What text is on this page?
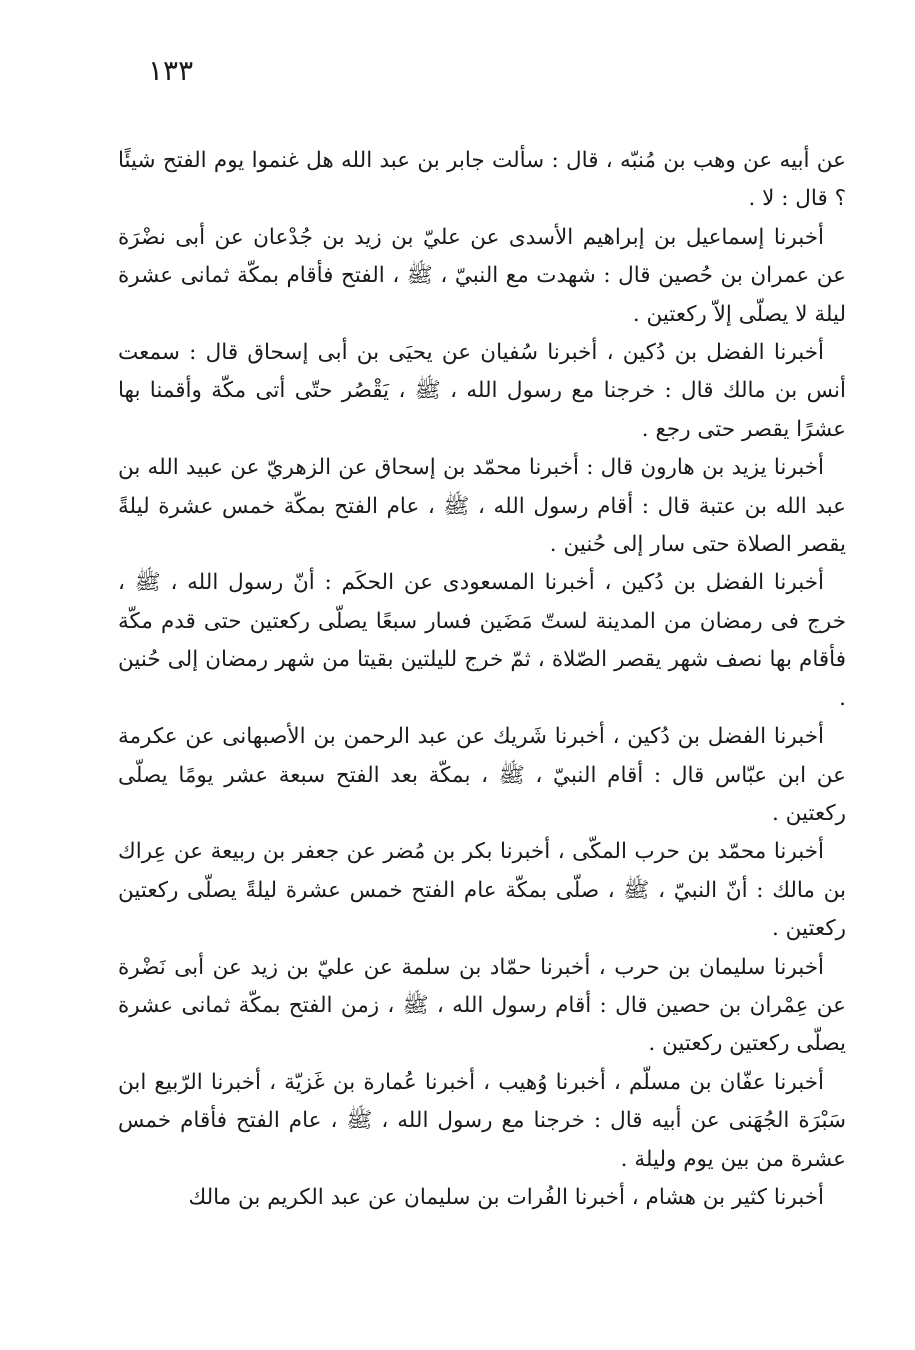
١٣٣

عن أبيه عن وهب بن مُنبّه ، قال : سألت جابر بن عبد الله هل غنموا يوم الفتح شيئًا ؟ قال : لا .

أخبرنا إسماعيل بن إبراهيم الأسدى عن عليّ بن زيد بن جُدْعان عن أبى نضْرَة عن عمران بن حُصين قال : شهدت مع النبيّ ، ﷺ ، الفتح فأقام بمكّة ثمانى عشرة ليلة لا يصلّى إلاّ ركعتين .

أخبرنا الفضل بن دُكين ، أخبرنا سُفيان عن يحيَى بن أبى إسحاق قال : سمعت أنس بن مالك قال : خرجنا مع رسول الله ، ﷺ ، يَقْصُر حتّى أتى مكّة وأقمنا بها عشرًا يقصر حتى رجع .

أخبرنا يزيد بن هارون قال : أخبرنا محمّد بن إسحاق عن الزهريّ عن عبيد الله بن عبد الله بن عتبة قال : أقام رسول الله ، ﷺ ، عام الفتح بمكّة خمس عشرة ليلةً يقصر الصلاة حتى سار إلى حُنين .

أخبرنا الفضل بن دُكين ، أخبرنا المسعودى عن الحكَم : أنّ رسول الله ، ﷺ ، خرج فى رمضان من المدينة لستّ مَضَين فسار سبعًا يصلّى ركعتين حتى قدم مكّة فأقام بها نصف شهر يقصر الصّلاة ، ثمّ خرج لليلتين بقيتا من شهر رمضان إلى حُنين .

أخبرنا الفضل بن دُكين ، أخبرنا شَريك عن عبد الرحمن بن الأصبهانى عن عكرمة عن ابن عبّاس قال : أقام النبيّ ، ﷺ ، بمكّة بعد الفتح سبعة عشر يومًا يصلّى ركعتين .

أخبرنا محمّد بن حرب المكّى ، أخبرنا بكر بن مُضر عن جعفر بن ربيعة عن عِراك بن مالك : أنّ النبيّ ، ﷺ ، صلّى بمكّة عام الفتح خمس عشرة ليلةً يصلّى ركعتين ركعتين .

أخبرنا سليمان بن حرب ، أخبرنا حمّاد بن سلمة عن عليّ بن زيد عن أبى نَضْرة عن عِمْران بن حصين قال : أقام رسول الله ، ﷺ ، زمن الفتح بمكّة ثمانى عشرة يصلّى ركعتين ركعتين .

أخبرنا عفّان بن مسلّم ، أخبرنا وُهيب ، أخبرنا عُمارة بن غَزيّة ، أخبرنا الرّبيع ابن سَبْرَة الجُهَنى عن أبيه قال : خرجنا مع رسول الله ، ﷺ ، عام الفتح فأقام خمس عشرة من بين يوم وليلة .

أخبرنا كثير بن هشام ، أخبرنا الفُرات بن سليمان عن عبد الكريم بن مالك
